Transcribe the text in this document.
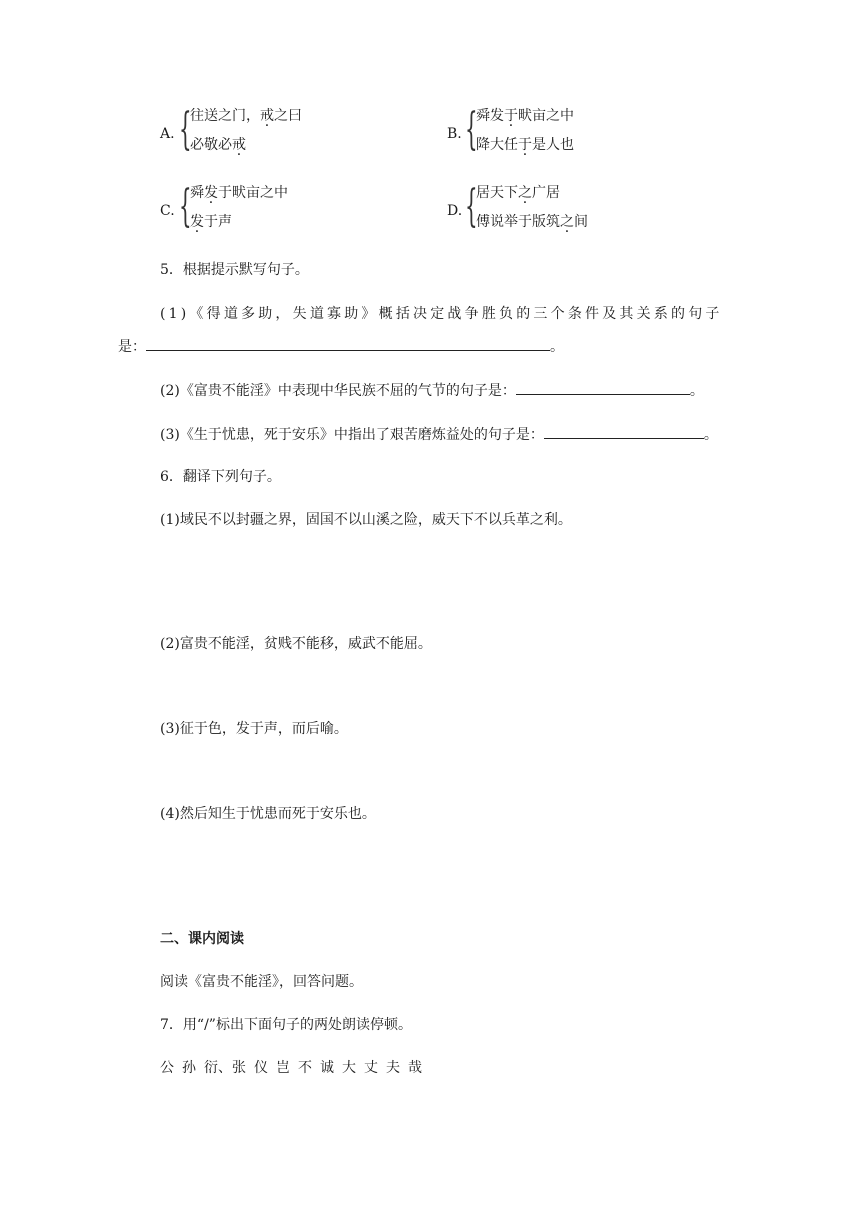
A. {
往送之门，戒之曰
必敬必戒
B. {
舜发于畎亩之中
降大任于是人也
C. {
舜发于畎亩之中
发于声
D. {
居天下之广居
傅说举于版筑之间
5．根据提示默写句子。
(1)《得道多助，失道寡助》概括决定战争胜负的三个条件及其关系的句子
是：	。
(2)《富贵不能淫》中表现中华民族不屈的气节的句子是：	。
(3)《生于忧患，死于安乐》中指出了艰苦磨炼益处的句子是：	。
6．翻译下列句子。
(1)域民不以封疆之界，固国不以山溪之险，威天下不以兵革之利。
(2)富贵不能淫，贫贱不能移，威武不能屈。
(3)征于色，发于声，而后喻。
(4)然后知生于忧患而死于安乐也。
二、课内阅读
阅读《富贵不能淫》，回答问题。
7．用“/”标出下面句子的两处朗读停顿。
公 孙 衍、张 仪 岂 不 诚 大 丈 夫 哉
